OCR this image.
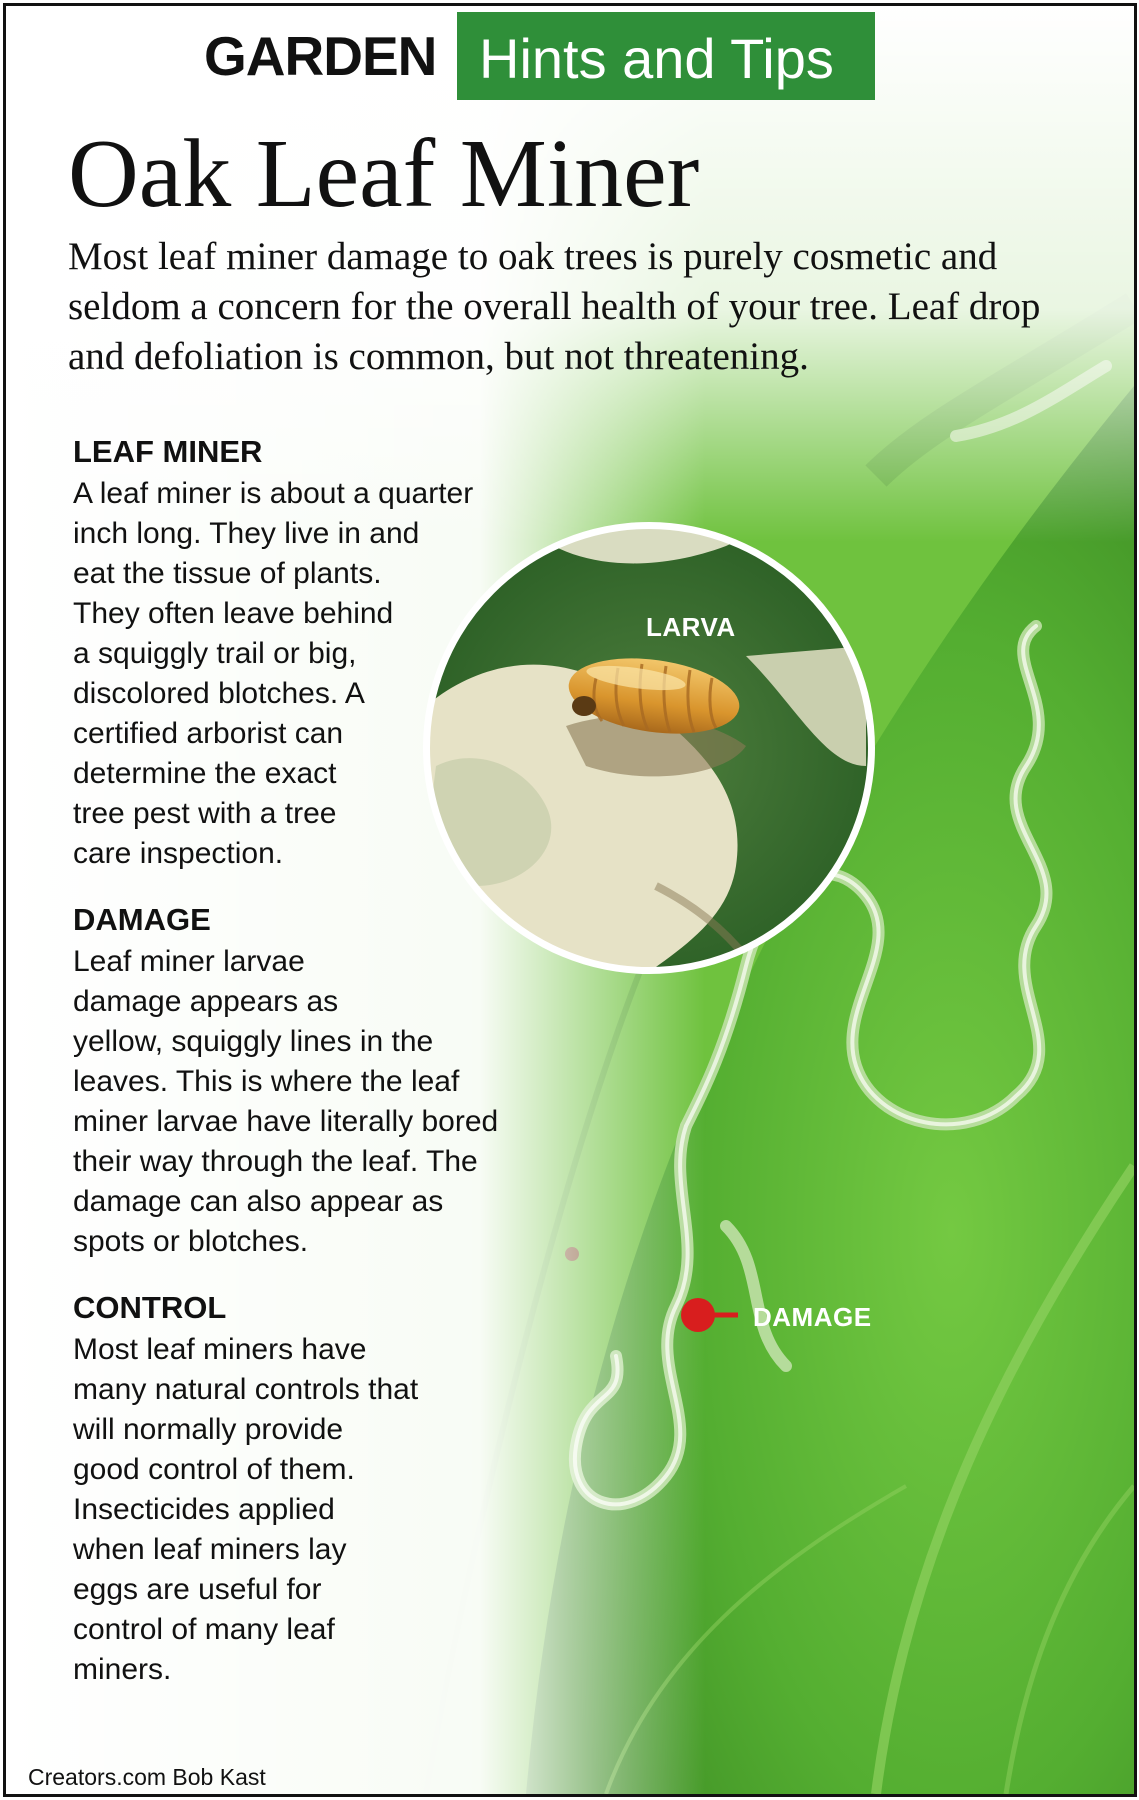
GARDEN Hints and Tips
Oak Leaf Miner
Most leaf miner damage to oak trees is purely cosmetic and seldom a concern for the overall health of your tree. Leaf drop and defoliation is common, but not threatening.
LEAF MINER
A leaf miner is about a quarter
inch long. They live in and
eat the tissue of plants.
They often leave behind
a squiggly trail or big,
discolored blotches. A
certified arborist can
determine the exact
tree pest with a tree
care inspection.
DAMAGE
Leaf miner larvae
damage appears as
yellow, squiggly lines in the
leaves. This is where the leaf
miner larvae have literally bored
their way through the leaf. The
damage can also appear as
spots or blotches.
CONTROL
Most leaf miners have
many natural controls that
will normally provide
good control of them.
Insecticides applied
when leaf miners lay
eggs are useful for
control of many leaf
miners.
LARVA
DAMAGE
Creators.com Bob Kast
